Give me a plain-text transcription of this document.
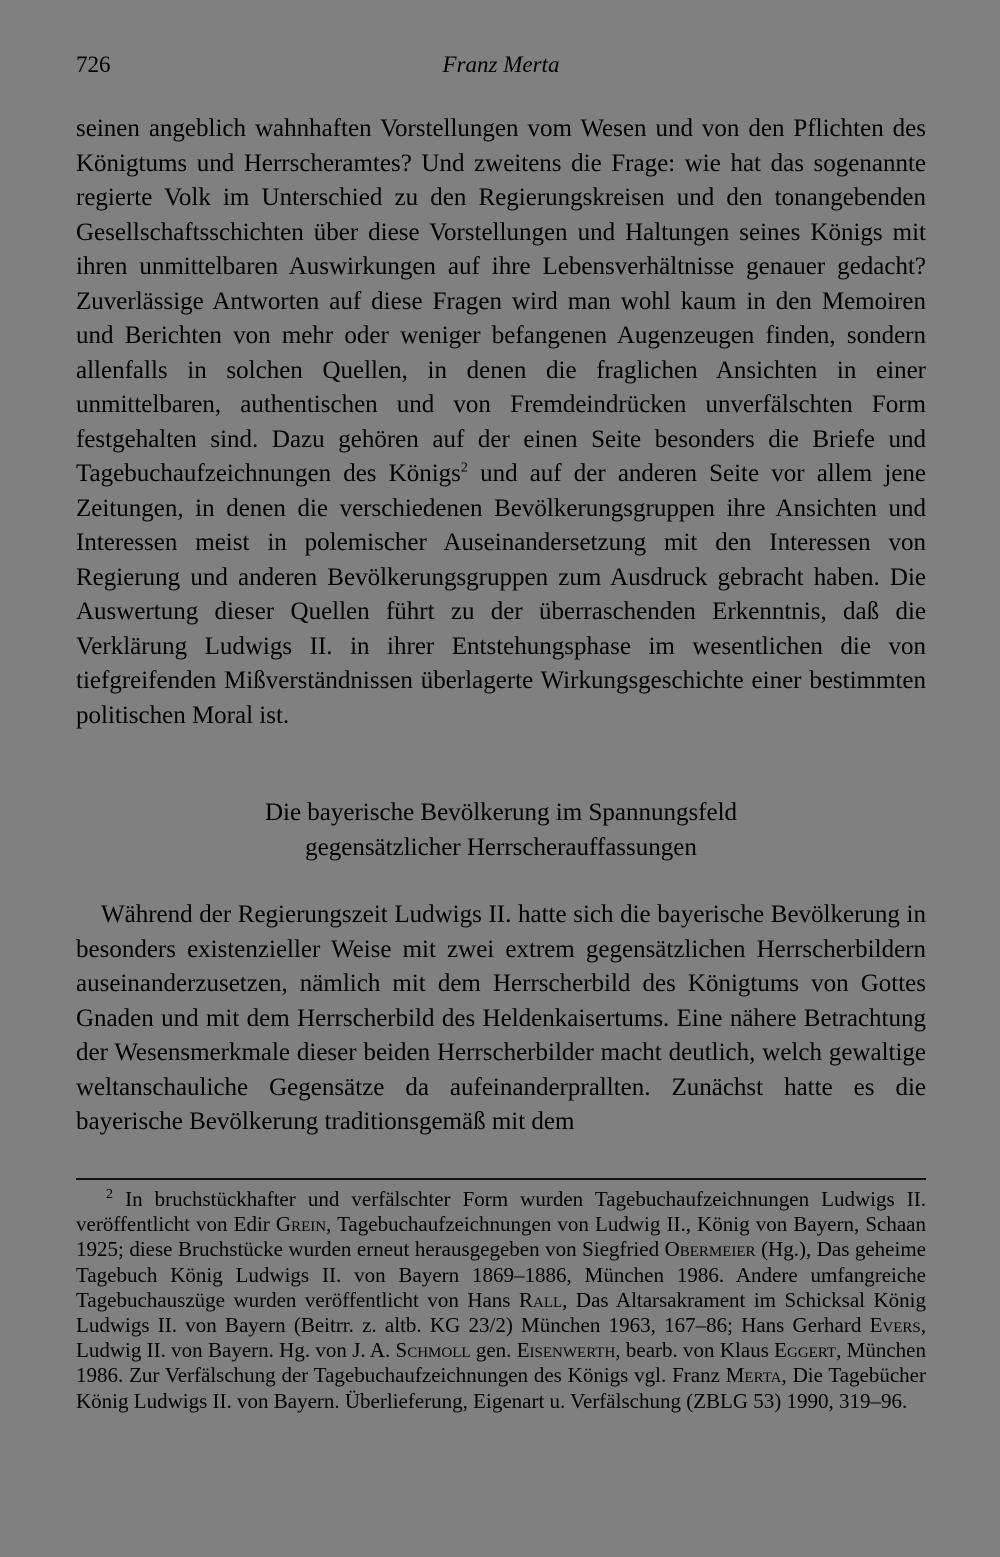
726	Franz Merta

seinen angeblich wahnhaften Vorstellungen vom Wesen und von den Pflichten des Königtums und Herrscheramtes? Und zweitens die Frage: wie hat das sogenannte regierte Volk im Unterschied zu den Regierungskreisen und den tonangebenden Gesellschaftsschichten über diese Vorstellungen und Haltungen seines Königs mit ihren unmittelbaren Auswirkungen auf ihre Lebensverhältnisse genauer gedacht? Zuverlässige Antworten auf diese Fragen wird man wohl kaum in den Memoiren und Berichten von mehr oder weniger befangenen Augenzeugen finden, sondern allenfalls in solchen Quellen, in denen die fraglichen Ansichten in einer unmittelbaren, authentischen und von Fremdeindrücken unverfälschten Form festgehalten sind. Dazu gehören auf der einen Seite besonders die Briefe und Tagebuchaufzeichnungen des Königs$^2$ und auf der anderen Seite vor allem jene Zeitungen, in denen die verschiedenen Bevölkerungsgruppen ihre Ansichten und Interessen meist in polemischer Auseinandersetzung mit den Interessen von Regierung und anderen Bevölkerungsgruppen zum Ausdruck gebracht haben. Die Auswertung dieser Quellen führt zu der überraschenden Erkenntnis, daß die Verklärung Ludwigs II. in ihrer Entstehungsphase im wesentlichen die von tiefgreifenden Mißverständnissen überlagerte Wirkungsgeschichte einer bestimmten politischen Moral ist.

Die bayerische Bevölkerung im Spannungsfeld
gegensätzlicher Herrscherauffassungen

Während der Regierungszeit Ludwigs II. hatte sich die bayerische Bevölkerung in besonders existenzieller Weise mit zwei extrem gegensätzlichen Herrscherbildern auseinanderzusetzen, nämlich mit dem Herrscherbild des Königtums von Gottes Gnaden und mit dem Herrscherbild des Heldenkaisertums. Eine nähere Betrachtung der Wesensmerkmale dieser beiden Herrscherbilder macht deutlich, welch gewaltige weltanschauliche Gegensätze da aufeinanderprallten. Zunächst hatte es die bayerische Bevölkerung traditionsgemäß mit dem

$^2$ In bruchstückhafter und verfälschter Form wurden Tagebuchaufzeichnungen Ludwigs II. veröffentlicht von Edir Grein, Tagebuchaufzeichnungen von Ludwig II., König von Bayern, Schaan 1925; diese Bruchstücke wurden erneut herausgegeben von Siegfried Obermeier (Hg.), Das geheime Tagebuch König Ludwigs II. von Bayern 1869–1886, München 1986. Andere umfangreiche Tagebuchauszüge wurden veröffentlicht von Hans Rall, Das Altarsakrament im Schicksal König Ludwigs II. von Bayern (Beitrr. z. altb. KG 23/2) München 1963, 167–86; Hans Gerhard Evers, Ludwig II. von Bayern. Hg. von J. A. Schmoll gen. Eisenwerth, bearb. von Klaus Eggert, München 1986. Zur Verfälschung der Tagebuchaufzeichnungen des Königs vgl. Franz Merta, Die Tagebücher König Ludwigs II. von Bayern. Überlieferung, Eigenart u. Verfälschung (ZBLG 53) 1990, 319–96.
